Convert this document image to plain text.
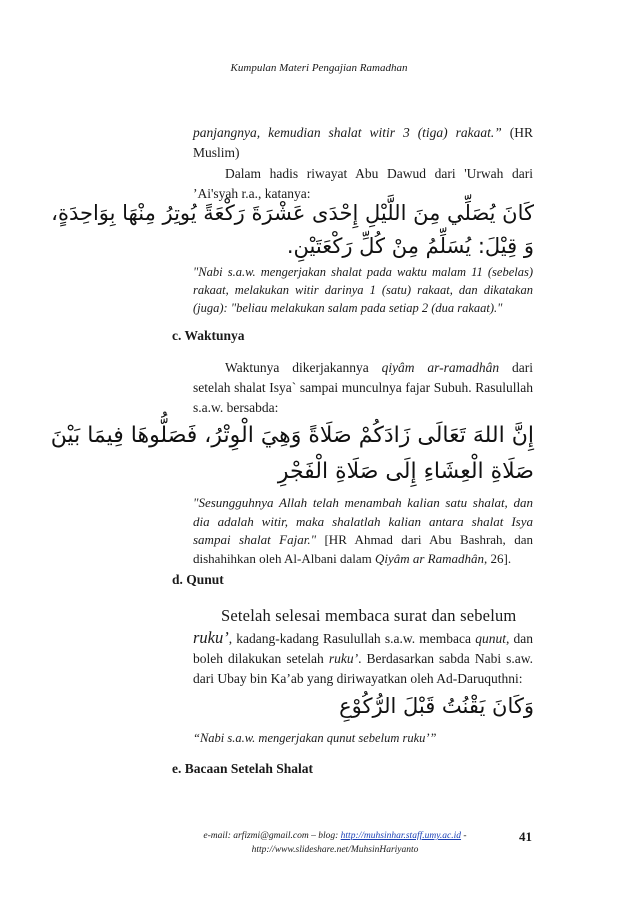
Kumpulan Materi Pengajian Ramadhan
panjangnya, kemudian shalat witir 3 (tiga) rakaat.” (HR Muslim)
Dalam hadis riwayat Abu Dawud dari 'Urwah dari ’Ai'syah r.a., katanya:
كَانَ يُصَلِّي مِنَ اللَّيْلِ إِحْدَى عَشْرَةَ رَكْعَةً يُوتِرُ مِنْهَا بِوَاحِدَةٍ،
وَ قِيْلَ: يُسَلِّمُ مِنْ كُلِّ رَكْعَتَيْنِ.
"Nabi s.a.w. mengerjakan shalat pada waktu malam 11 (sebelas) rakaat, melakukan witir darinya 1 (satu) rakaat, dan dikatakan (juga): "beliau melakukan salam pada setiap 2 (dua rakaat)."
c. Waktunya
Waktunya dikerjakannya qiyâm ar-ramadhân dari setelah shalat Isya` sampai munculnya fajar Subuh. Rasulullah s.a.w. bersabda:
إِنَّ اللهَ تَعَالَى زَادَكُمْ صَلَاةً وَهِيَ الْوِتْرُ، فَصَلُّوهَا فِيمَا بَيْنَ
صَلَاةِ الْعِشَاءِ إِلَى صَلَاةِ الْفَجْرِ
"Sesungguhnya Allah telah menambah kalian satu shalat, dan dia adalah witir, maka shalatlah kalian antara shalat Isya sampai shalat Fajar." [HR Ahmad dari Abu Bashrah, dan dishahihkan oleh Al-Albani dalam Qiyâm ar Ramadhân, 26].
d. Qunut
Setelah selesai membaca surat dan sebelum
ruku’, kadang-kadang Rasulullah s.a.w. membaca qunut, dan boleh dilakukan setelah ruku’. Berdasarkan sabda Nabi s.aw. dari Ubay bin Ka’ab yang diriwayatkan oleh Ad-Daruquthni:
وَكَانَ يَقْنُتُ قَبْلَ الرُّكُوْعِ
“Nabi s.a.w. mengerjakan qunut sebelum ruku’”
e. Bacaan Setelah Shalat
e-mail: arfizmi@gmail.com – blog: http://muhsinhar.staff.umy.ac.id -
http://www.slideshare.net/MuhsinHariyanto
41
